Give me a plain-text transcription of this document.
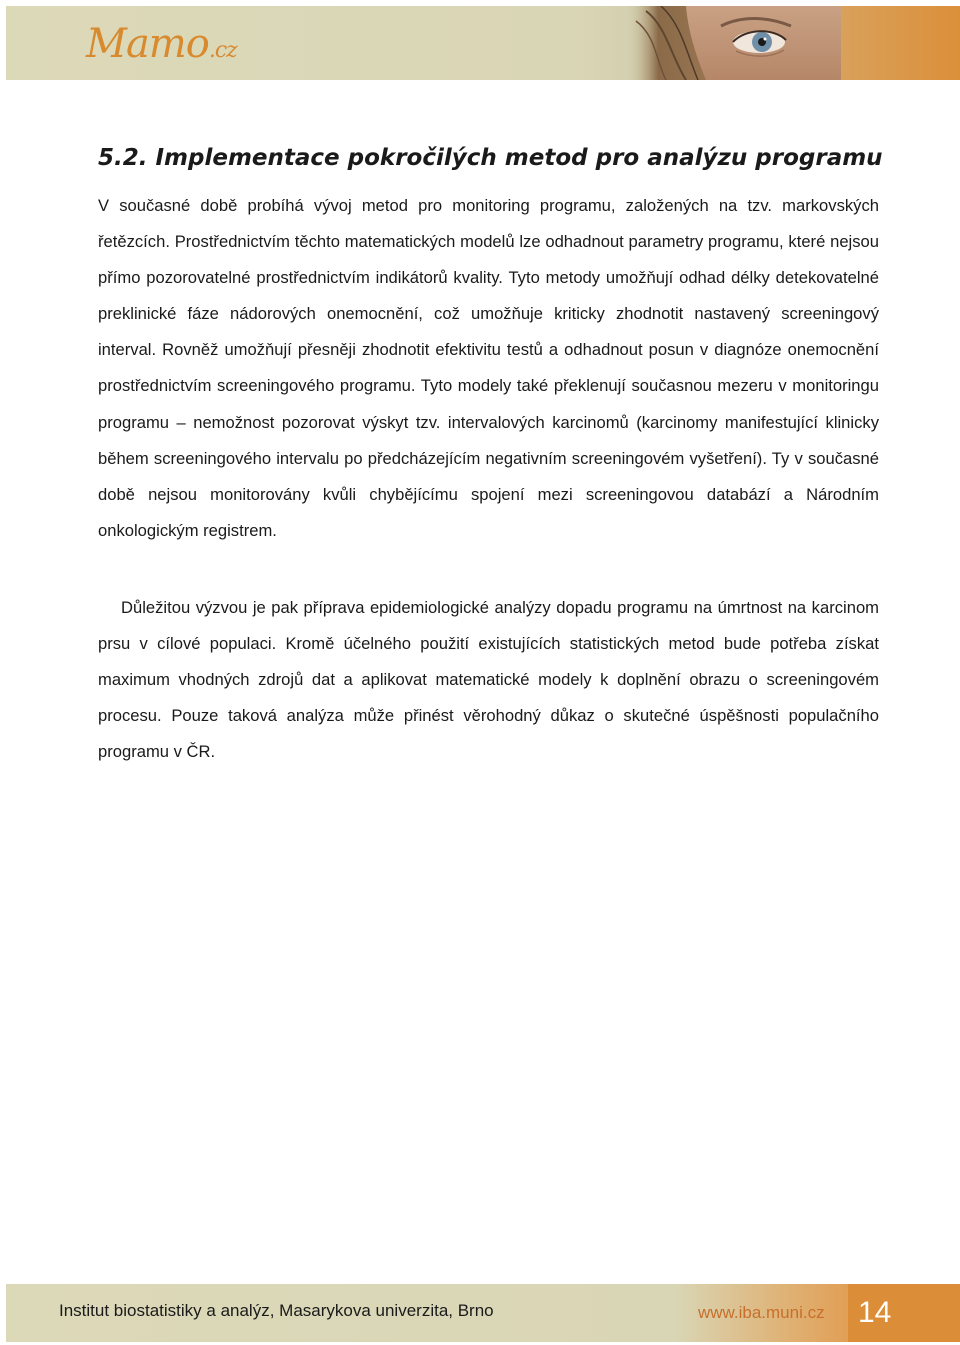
Mamo.cz
5.2. Implementace pokročilých metod pro analýzu programu

V současné době probíhá vývoj metod pro monitoring programu, založených na tzv. markovských řetězcích. Prostřednictvím těchto matematických modelů lze odhadnout parametry programu, které nejsou přímo pozorovatelné prostřednictvím indikátorů kvality. Tyto metody umožňují odhad délky detekovatelné preklinické fáze nádorových onemocnění, což umožňuje kriticky zhodnotit nastavený screeningový interval. Rovněž umožňují přesněji zhodnotit efektivitu testů a odhadnout posun v diagnóze onemocnění prostřednictvím screeningového programu. Tyto modely také překlenují současnou mezeru v monitoringu programu – nemožnost pozorovat výskyt tzv. intervalových karcinomů (karcinomy manifestující klinicky během screeningového intervalu po předcházejícím negativním screeningovém vyšetření). Ty v současné době nejsou monitorovány kvůli chybějícímu spojení mezi screeningovou databází a Národním onkologickým registrem.

Důležitou výzvou je pak příprava epidemiologické analýzy dopadu programu na úmrtnost na karcinom prsu v cílové populaci. Kromě účelného použití existujících statistických metod bude potřeba získat maximum vhodných zdrojů dat a aplikovat matematické modely k doplnění obrazu o screeningovém procesu. Pouze taková analýza může přinést věrohodný důkaz o skutečné úspěšnosti populačního programu v ČR.

Institut biostatistiky a analýz, Masarykova univerzita, Brno	www.iba.muni.cz	14
